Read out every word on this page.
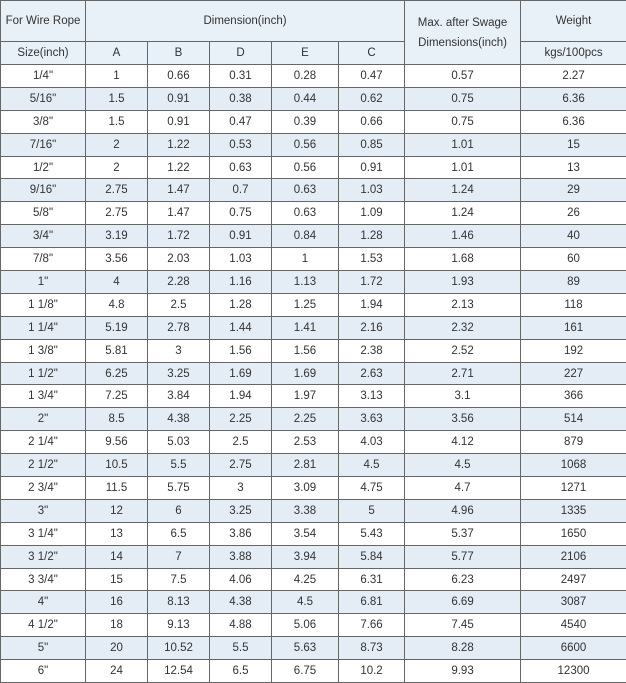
For Wire Rope	Dimension(inch)					Max. after Swage Dimensions(inch)	Weight
Size(inch)	A	B	D	E	C		kgs/100pcs
1/4"	1	0.66	0.31	0.28	0.47	0.57	2.27
5/16"	1.5	0.91	0.38	0.44	0.62	0.75	6.36
3/8"	1.5	0.91	0.47	0.39	0.66	0.75	6.36
7/16"	2	1.22	0.53	0.56	0.85	1.01	15
1/2"	2	1.22	0.63	0.56	0.91	1.01	13
9/16"	2.75	1.47	0.7	0.63	1.03	1.24	29
5/8"	2.75	1.47	0.75	0.63	1.09	1.24	26
3/4"	3.19	1.72	0.91	0.84	1.28	1.46	40
7/8"	3.56	2.03	1.03	1	1.53	1.68	60
1"	4	2.28	1.16	1.13	1.72	1.93	89
1 1/8"	4.8	2.5	1.28	1.25	1.94	2.13	118
1 1/4"	5.19	2.78	1.44	1.41	2.16	2.32	161
1 3/8"	5.81	3	1.56	1.56	2.38	2.52	192
1 1/2"	6.25	3.25	1.69	1.69	2.63	2.71	227
1 3/4"	7.25	3.84	1.94	1.97	3.13	3.1	366
2"	8.5	4.38	2.25	2.25	3.63	3.56	514
2 1/4"	9.56	5.03	2.5	2.53	4.03	4.12	879
2 1/2"	10.5	5.5	2.75	2.81	4.5	4.5	1068
2 3/4"	11.5	5.75	3	3.09	4.75	4.7	1271
3"	12	6	3.25	3.38	5	4.96	1335
3 1/4"	13	6.5	3.86	3.54	5.43	5.37	1650
3 1/2"	14	7	3.88	3.94	5.84	5.77	2106
3 3/4"	15	7.5	4.06	4.25	6.31	6.23	2497
4"	16	8.13	4.38	4.5	6.81	6.69	3087
4 1/2"	18	9.13	4.88	5.06	7.66	7.45	4540
5"	20	10.52	5.5	5.63	8.73	8.28	6600
6"	24	12.54	6.5	6.75	10.2	9.93	12300
